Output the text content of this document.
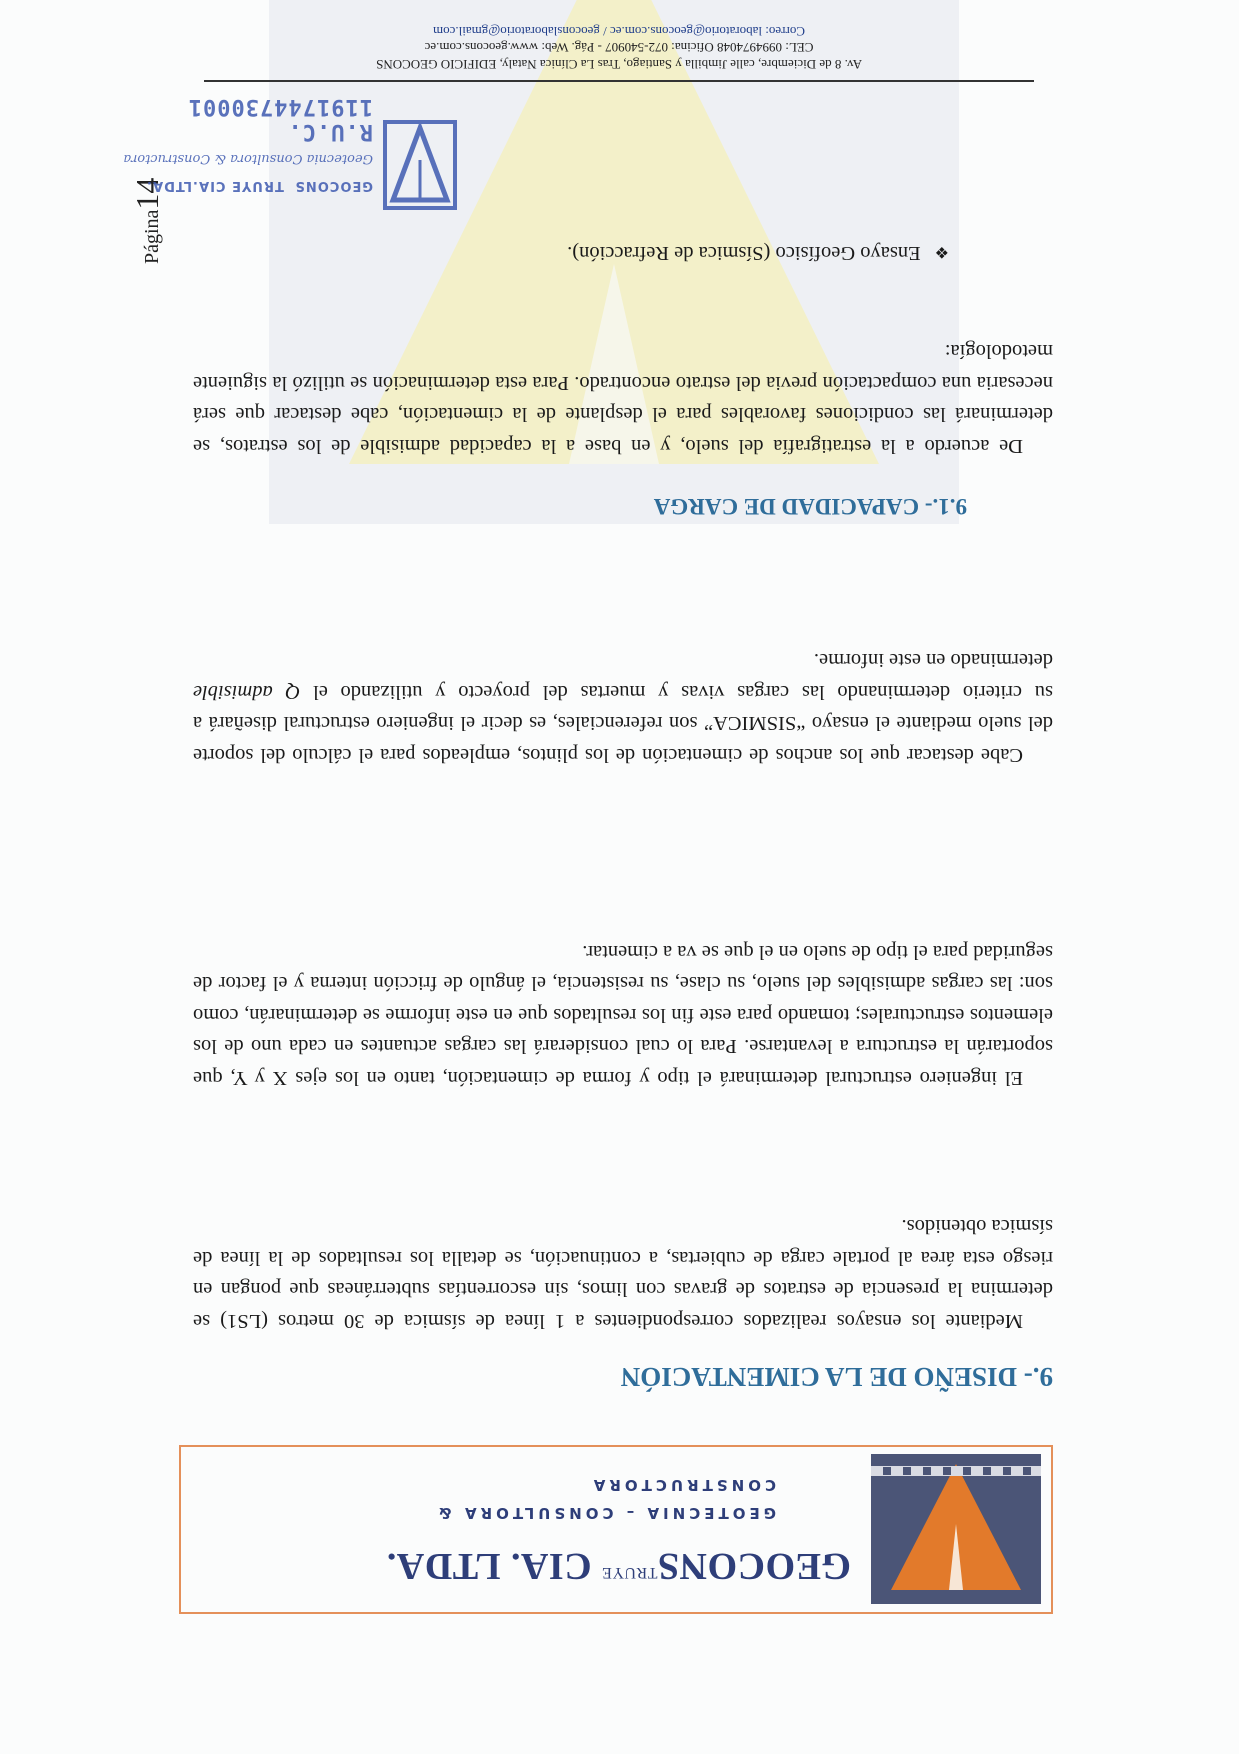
$GEOCONS^{TRUYE}$ CIA. LTDA.
GEOTECNIA – CONSULTORA &
CONSTRUCTORA
9.- DISEÑO DE LA CIMENTACIÓN
Mediante los ensayos realizados correspondientes a 1 línea de sísmica de 30 metros (LS1) se determina la presencia de estratos de gravas con limos, sin escorrentías subterráneas que pongan en riesgo esta área al portale carga de cubiertas, a continuación, se detalla los resultados de la línea de sísmica obtenidos.
El ingeniero estructural determinará el tipo y forma de cimentación, tanto en los ejes X y Y, que soportarán la estructura a levantarse. Para lo cual considerará las cargas actuantes en cada uno de los elementos estructurales; tomando para este fin los resultados que en este informe se determinarán, como son: las cargas admisibles del suelo, su clase, su resistencia, el ángulo de fricción interna y el factor de seguridad para el tipo de suelo en el que se va a cimentar.
Cabe destacar que los anchos de cimentación de los plintos, empleados para el cálculo del soporte del suelo mediante el ensayo “SISMICA” son referenciales, es decir el ingeniero estructural diseñará a su criterio determinando las cargas vivas y muertas del proyecto y utilizando el Q admisible determinado en este informe.
9.1.- CAPACIDAD DE CARGA
De acuerdo a la estratigrafía del suelo, y en base a la capacidad admisible de los estratos, se determinará las condiciones favorables para el desplante de la cimentación, cabe destacar que será necesaria una compactación previa del estrato encontrado. Para esta determinación se utilizó la siguiente metodología:
❖Ensayo Geofísico (Sísmica de Refracción).
Página14	GEOCONS TRUYE CIA.LTDA.
Geotecnia Consultora & Constructora
R.U.C. 1191744730001
Av. 8 de Diciembre, calle Jimbilla y Santiago, Tras La Clínica Nataly, EDIFICIO GEOCONS
CEL: 0994974048 Oficina: 072-540907 - Pág. Web: www.geocons.com.ec
Correo: laboratorio@geocons.com.ec / geoconslaboratorio@gmail.com
